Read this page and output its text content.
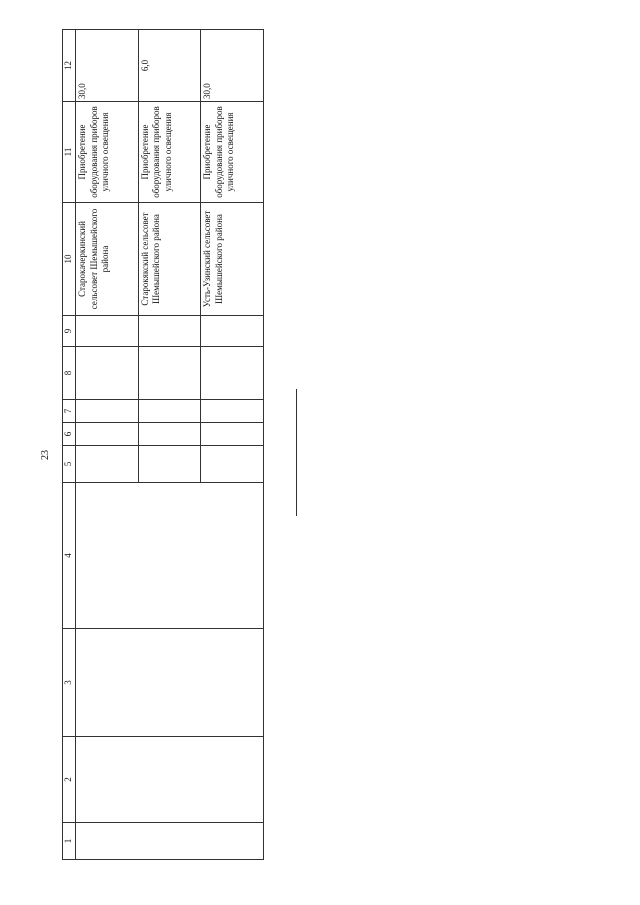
23
1	2	3	4	5	6	7	8	9	10	11	12
									Старокачеркинский сельсовет Шемышейского района	Приобретение оборудования приборов уличного освещения	30,0
									Старокякский сельсовет Шемышейского района	Приобретение оборудования приборов уличного освещения	6,0
									Усть-Узинский сельсовет Шемышейского района	Приобретение оборудования приборов уличного освещения	30,0
